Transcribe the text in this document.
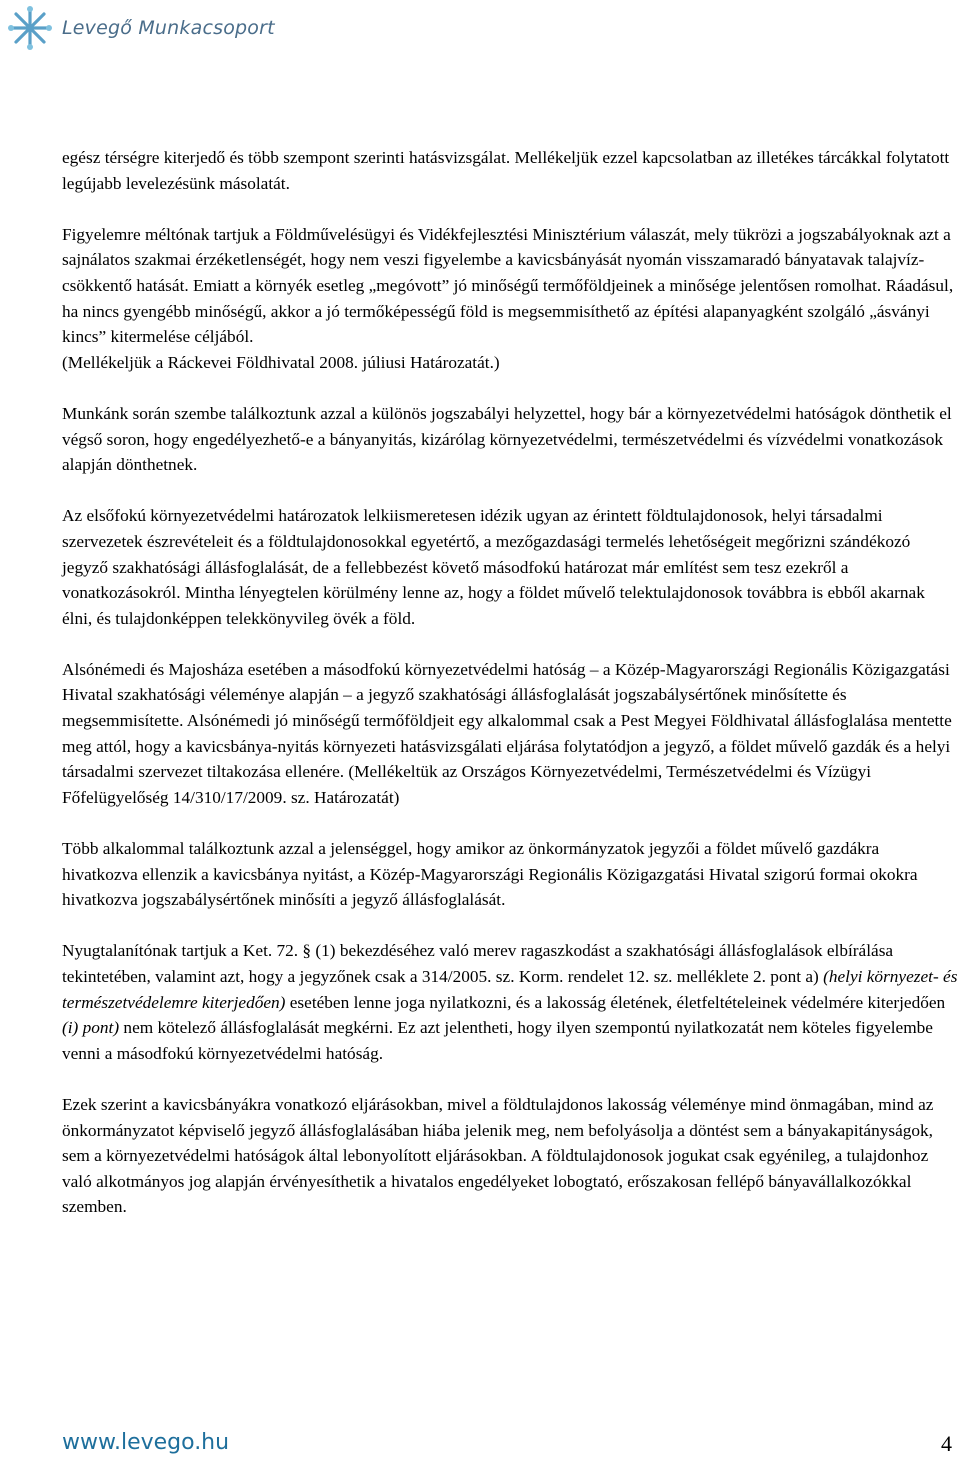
Levegő Munkacsoport

egész térségre kiterjedő és több szempont szerinti hatásvizsgálat. Mellékeljük ezzel kapcsolatban az illetékes tárcákkal folytatott legújabb levelezésünk másolatát.

Figyelemre méltónak tartjuk a Földművelésügyi és Vidékfejlesztési Minisztérium válaszát, mely tükrözi a jogszabályoknak azt a sajnálatos szakmai érzéketlenségét, hogy nem veszi figyelembe a kavicsbányását nyomán visszamaradó bányatavak talajvíz-csökkentő hatását. Emiatt a környék esetleg „megóvott” jó minőségű termőföldjeinek a minősége jelentősen romolhat. Ráadásul, ha nincs gyengébb minőségű, akkor a jó termőképességű föld is megsemmisíthető az építési alapanyagként szolgáló „ásványi kincs” kitermelése céljából.
(Mellékeljük a Ráckevei Földhivatal 2008. júliusi Határozatát.)

Munkánk során szembe találkoztunk azzal a különös jogszabályi helyzettel, hogy bár a környezetvédelmi hatóságok dönthetik el végső soron, hogy engedélyezhető-e a bányanyitás, kizárólag környezetvédelmi, természetvédelmi és vízvédelmi vonatkozások alapján dönthetnek.

Az elsőfokú környezetvédelmi határozatok lelkiismeretesen idézik ugyan az érintett földtulajdonosok, helyi társadalmi szervezetek észrevételeit és a földtulajdonosokkal egyetértő, a mezőgazdasági termelés lehetőségeit megőrizni szándékozó jegyző szakhatósági állásfoglalását, de a fellebbezést követő másodfokú határozat már említést sem tesz ezekről a vonatkozásokról. Mintha lényegtelen körülmény lenne az, hogy a földet művelő telektulajdonosok továbbra is ebből akarnak élni, és tulajdonképpen telekkönyvileg övék a föld.

Alsónémedi és Majosháza esetében a másodfokú környezetvédelmi hatóság – a Közép-Magyarországi Regionális Közigazgatási Hivatal szakhatósági véleménye alapján – a jegyző szakhatósági állásfoglalását jogszabálysértőnek minősítette és megsemmisítette. Alsónémedi jó minőségű termőföldjeit egy alkalommal csak a Pest Megyei Földhivatal állásfoglalása mentette meg attól, hogy a kavicsbánya-nyitás környezeti hatásvizsgálati eljárása folytatódjon a jegyző, a földet művelő gazdák és a helyi társadalmi szervezet tiltakozása ellenére. (Mellékeltük az Országos Környezetvédelmi, Természetvédelmi és Vízügyi Főfelügyelőség 14/310/17/2009. sz. Határozatát)

Több alkalommal találkoztunk azzal a jelenséggel, hogy amikor az önkormányzatok jegyzői a földet művelő gazdákra hivatkozva ellenzik a kavicsbánya nyitást, a Közép-Magyarországi Regionális Közigazgatási Hivatal szigorú formai okokra hivatkozva jogszabálysértőnek minősíti a jegyző állásfoglalását.

Nyugtalanítónak tartjuk a Ket. 72. § (1) bekezdéséhez való merev ragaszkodást a szakhatósági állásfoglalások elbírálása tekintetében, valamint azt, hogy a jegyzőnek csak a 314/2005. sz. Korm. rendelet 12. sz. melléklete 2. pont a) (helyi környezet- és természetvédelemre kiterjedően) esetében lenne joga nyilatkozni, és a lakosság életének, életfeltételeinek védelmére kiterjedően (i) pont) nem kötelező állásfoglalását megkérni. Ez azt jelentheti, hogy ilyen szempontú nyilatkozatát nem köteles figyelembe venni a másodfokú környezetvédelmi hatóság.

Ezek szerint a kavicsbányákra vonatkozó eljárásokban, mivel a földtulajdonos lakosság véleménye mind önmagában, mind az önkormányzatot képviselő jegyző állásfoglalásában hiába jelenik meg, nem befolyásolja a döntést sem a bányakapitányságok, sem a környezetvédelmi hatóságok által lebonyolított eljárásokban. A földtulajdonosok jogukat csak egyénileg, a tulajdonhoz való alkotmányos jog alapján érvényesíthetik a hivatalos engedélyeket lobogtató, erőszakosan fellépő bányavállalkozókkal szemben.

www.levego.hu	4
